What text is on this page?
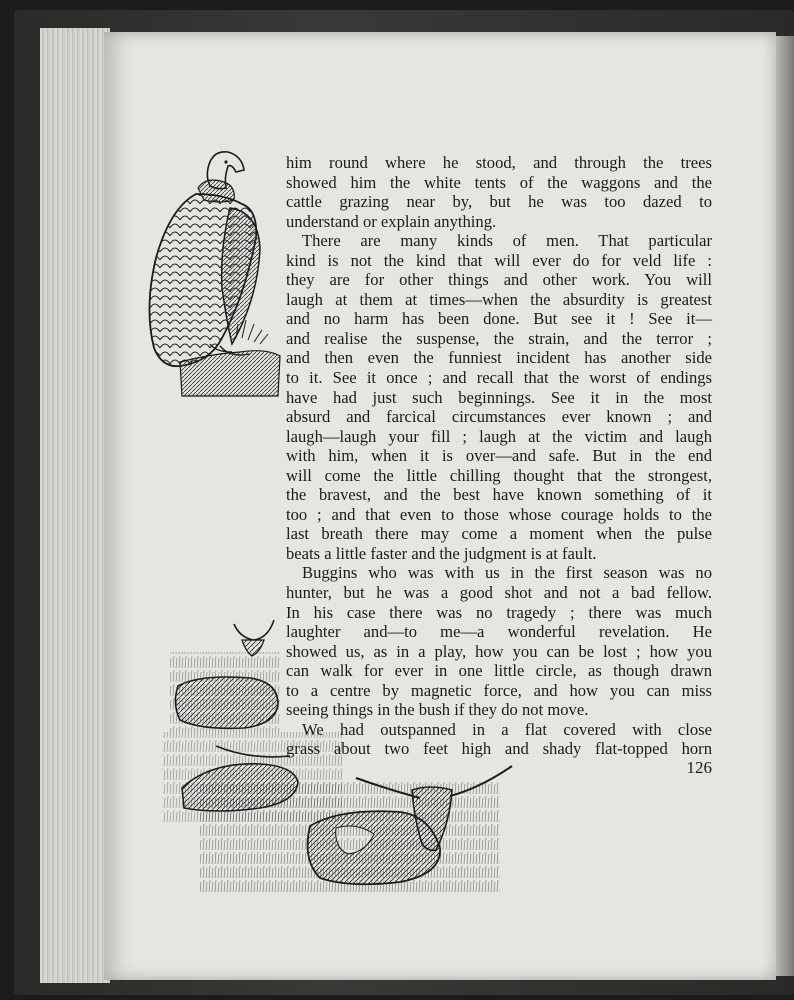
him round where he stood, and through the trees
showed him the white tents of the waggons and the
cattle grazing near by, but he was too dazed to
understand or explain anything.
There are many kinds of men. That particular
kind is not the kind that will ever do for veld life :
they are for other things and other work. You will
laugh at them at times—when the absurdity is greatest
and no harm has been done. But see it ! See it—
and realise the suspense, the strain, and the terror ;
and then even the funniest incident has another side
to it. See it once ; and recall that the worst of endings
have had just such beginnings. See it in the most
absurd and farcical circumstances ever known ; and
laugh—laugh your fill ; laugh at the victim and laugh
with him, when it is over—and safe. But in the end
will come the little chilling thought that the strongest,
the bravest, and the best have known something of it
too ; and that even to those whose courage holds to the
last breath there may come a moment when the pulse
beats a little faster and the judgment is at fault.
Buggins who was with us in the first season was no
hunter, but he was a good shot and not a bad fellow.
In his case there was no tragedy ; there was much
laughter and—to me—a wonderful revelation. He
showed us, as in a play, how you can be lost ; how you
can walk for ever in one little circle, as though drawn
to a centre by magnetic force, and how you can miss
seeing things in the bush if they do not move.
We had outspanned in a flat covered with close
grass about two feet high and shady flat-topped horn
126
